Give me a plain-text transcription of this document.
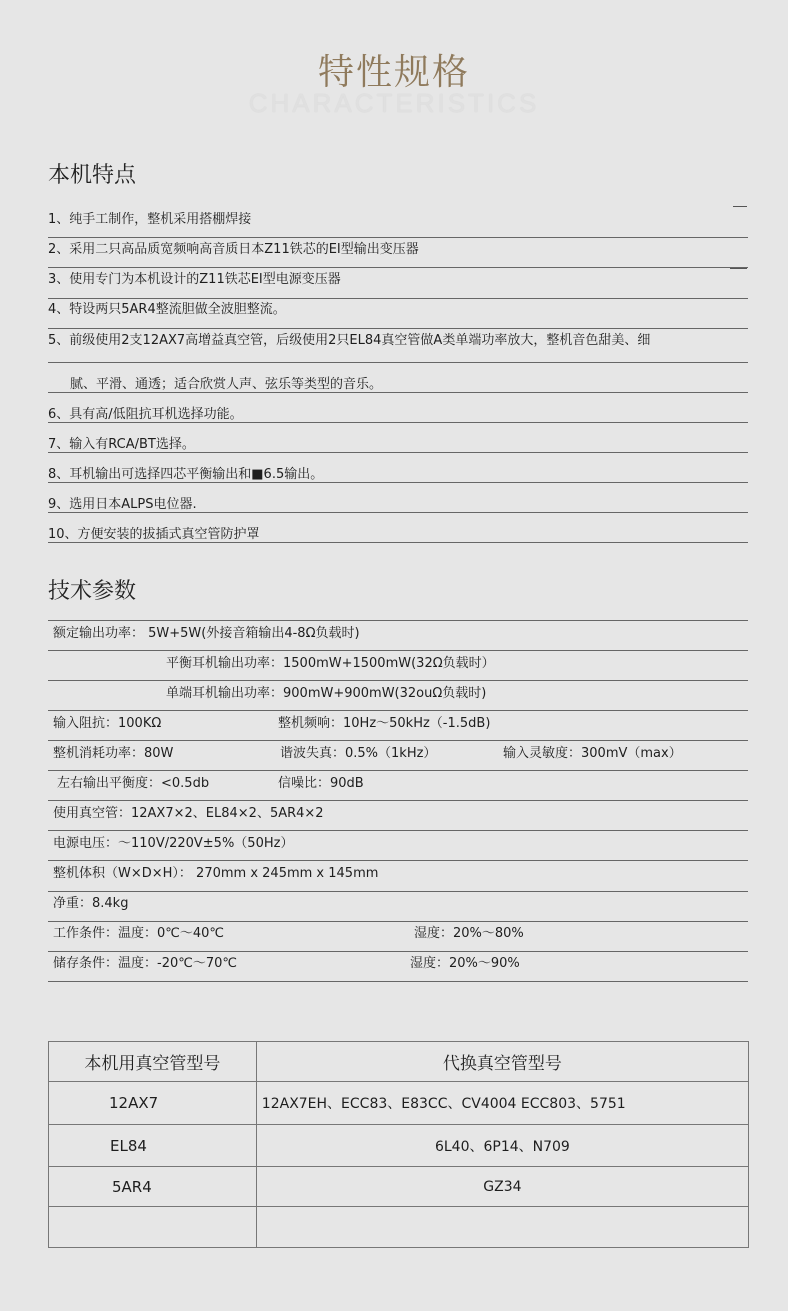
特性规格
CHARACTERISTICS
本机特点
1、纯手工制作，整机采用搭棚焊接
2、采用二只高品质宽频响高音质日本Z11铁芯的EI型输出变压器
3、使用专门为本机设计的Z11铁芯EI型电源变压器
4、特设两只5AR4整流胆做全波胆整流。
5、前级使用2支12AX7高增益真空管，后级使用2只EL84真空管做A类单端功率放大，整机音色甜美、细
腻、平滑、通透；适合欣赏人声、弦乐等类型的音乐。
6、具有高/低阻抗耳机选择功能。
7、输入有RCA/BT选择。
8、耳机输出可选择四芯平衡输出和■6.5输出。
9、选用日本ALPS电位器.
10、方便安装的拔插式真空管防护罩
技术参数
额定输出功率： 5W+5W(外接音箱输出4-8Ω负载时)
平衡耳机输出功率：1500mW+1500mW(32Ω负载时）
单端耳机输出功率：900mW+900mW(32ouΩ负载时)
输入阻抗：100KΩ	整机频响：10Hz～50kHz（-1.5dB)
整机消耗功率：80W	谐波失真：0.5%（1kHz）	输入灵敏度：300mV（max）
左右输出平衡度：<0.5db	信噪比：90dB
使用真空管：12AX7×2、EL84×2、5AR4×2
电源电压：～110V/220V±5%（50Hz）
整机体积（W×D×H）： 270mm x 245mm x 145mm
净重：8.4kg
工作条件：温度：0℃～40℃	湿度：20%～80%
储存条件：温度：-20℃～70℃	湿度：20%～90%
本机用真空管型号	代换真空管型号
12AX7	12AX7EH、ECC83、E83CC、CV4004 ECC803、5751
EL84	6L40、6P14、N709
5AR4	GZ34
